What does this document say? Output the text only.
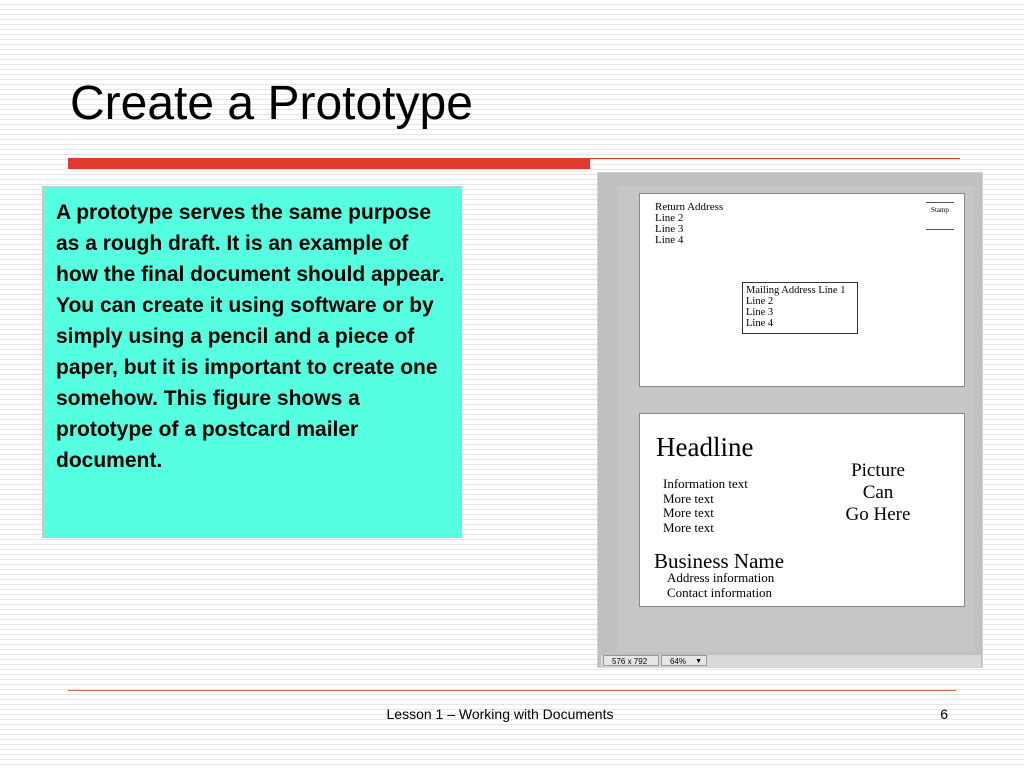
Create a Prototype

A prototype serves the same purpose as a rough draft. It is an example of how the final document should appear. You can create it using software or by simply using a pencil and a piece of paper, but it is important to create one somehow. This figure shows a prototype of a postcard mailer document.

Return Address
Line 2
Line 3
Line 4
Stamp
Mailing Address Line 1
Line 2
Line 3
Line 4
Headline
Information text
More text
More text
More text
Picture
Can
Go Here
Business Name
Address information
Contact information
576 x 792	64% ▼
Lesson 1 – Working with Documents	6
